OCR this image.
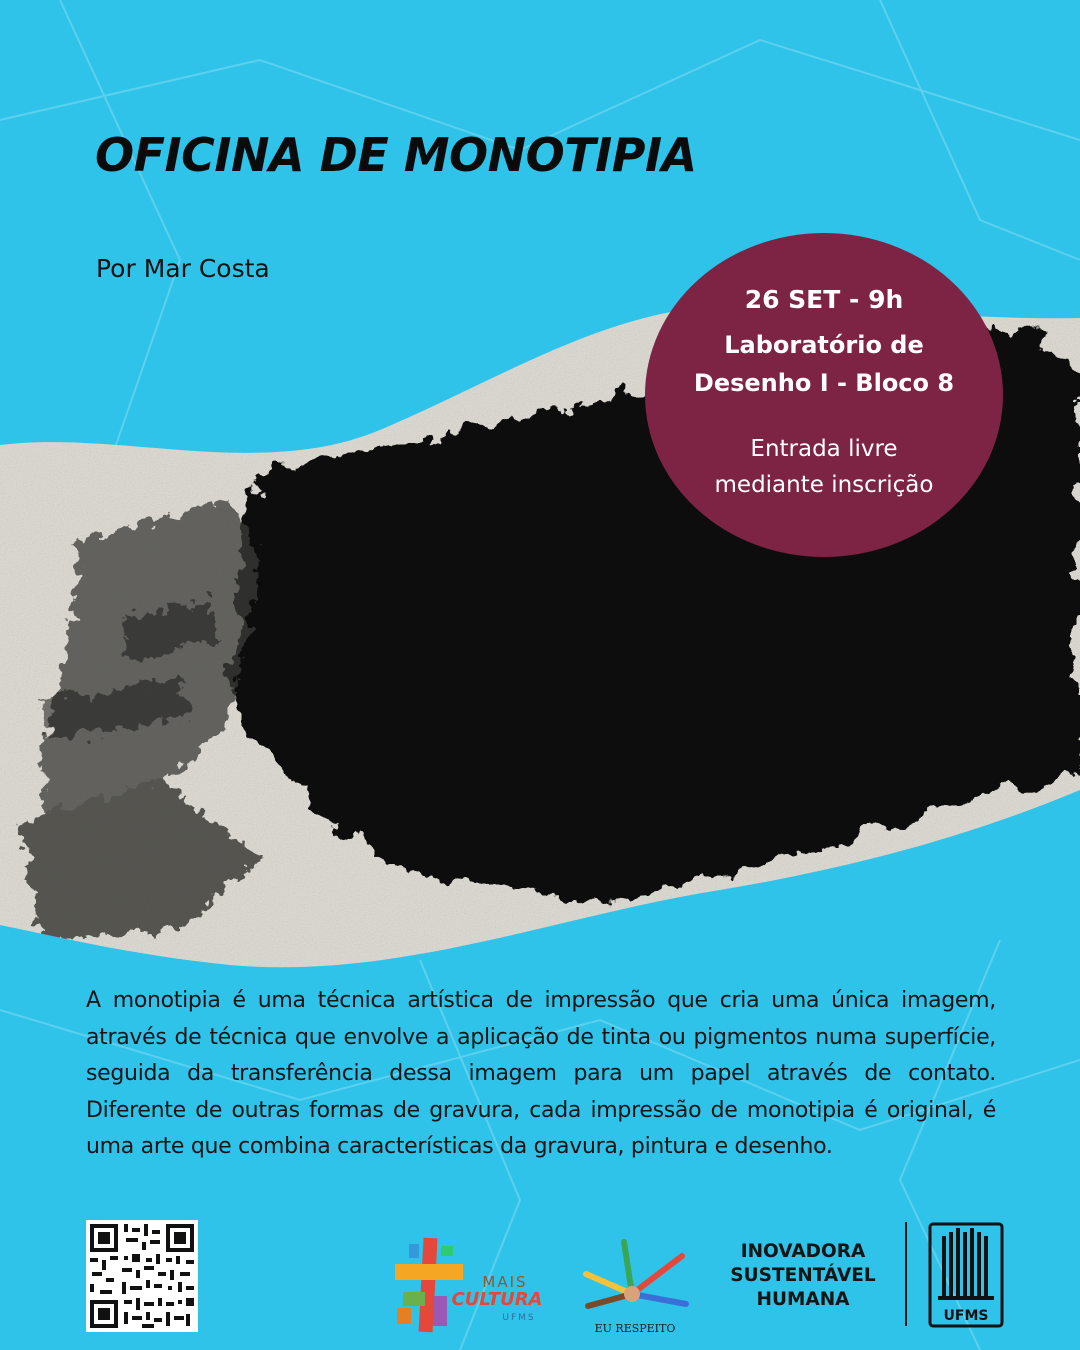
OFICINA DE MONOTIPIA
Por Mar Costa
26 SET - 9h
Laboratório de
Desenho I - Bloco 8
Entrada livre
mediante inscrição

A monotipia é uma técnica artística de impressão que cria uma única imagem, através de técnica que envolve a aplicação de tinta ou pigmentos numa superfície, seguida da transferência dessa imagem para um papel através de contato. Diferente de outras formas de gravura, cada impressão de monotipia é original, é uma arte que combina características da gravura, pintura e desenho.

MAIS
CULTURA
UFMS
EU RESPEITO
INOVADORA
SUSTENTÁVEL
HUMANA
UFMS
